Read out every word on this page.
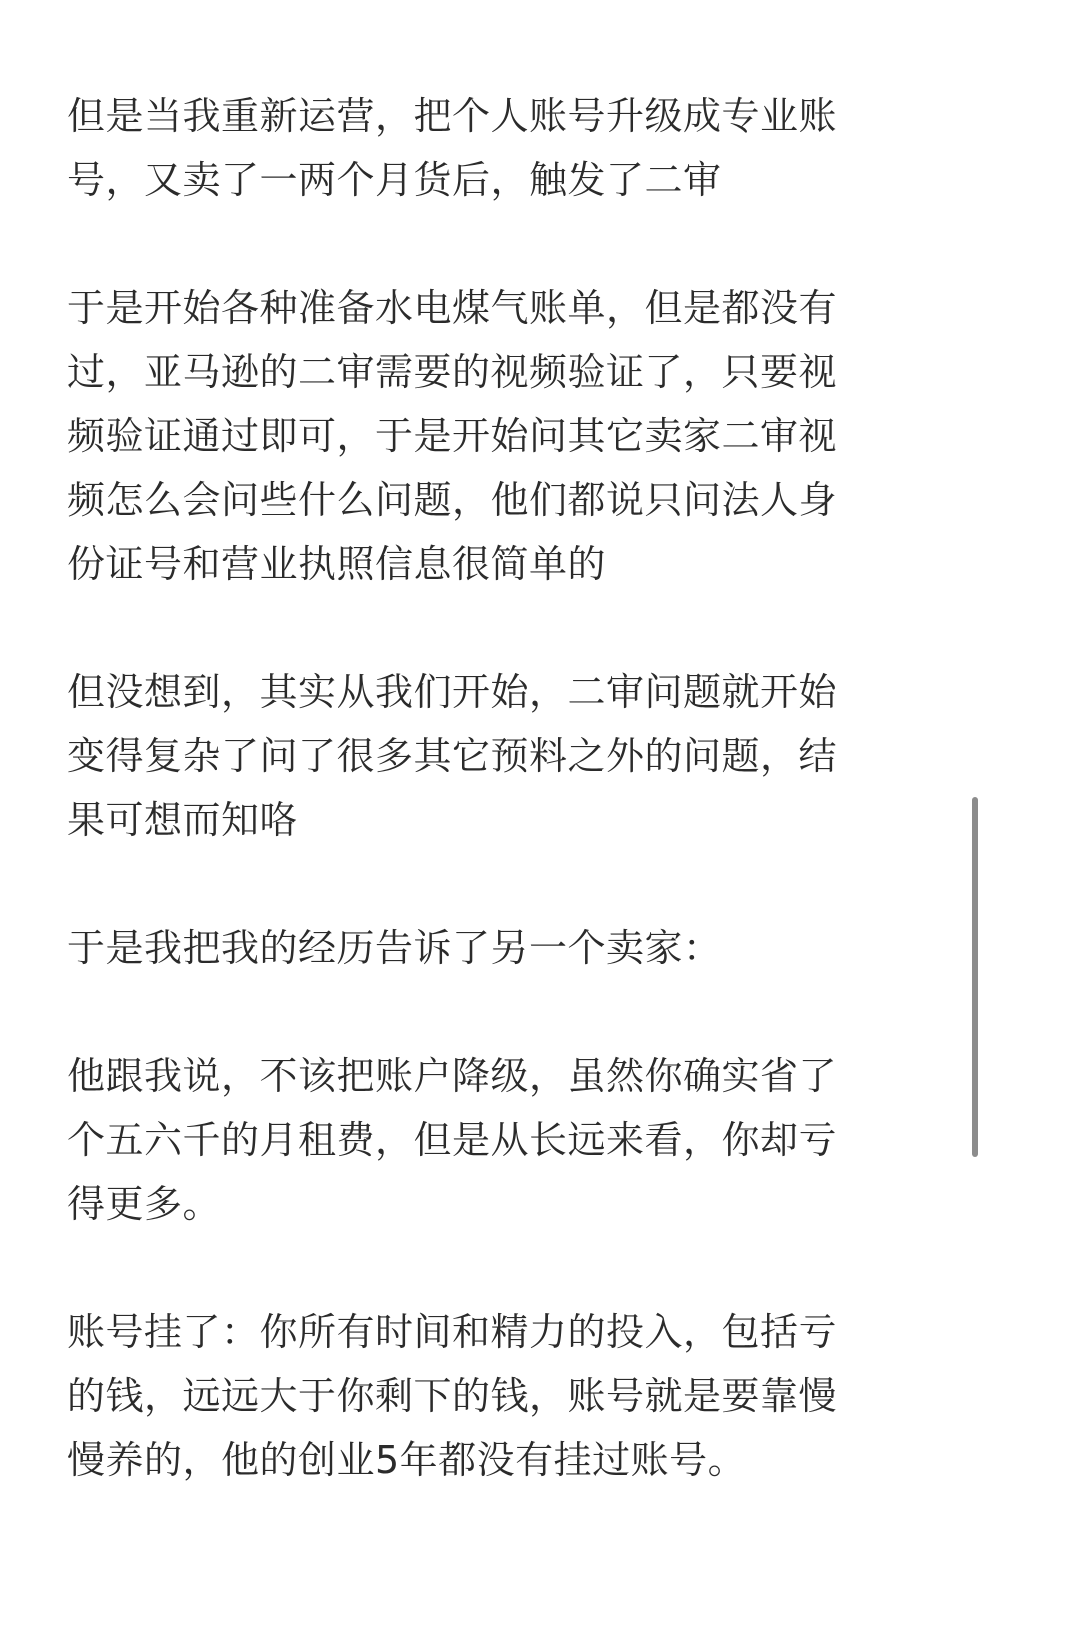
但是当我重新运营，把个人账号升级成专业账
号，又卖了一两个月货后，触发了二审

于是开始各种准备水电煤气账单，但是都没有
过，亚马逊的二审需要的视频验证了，只要视
频验证通过即可，于是开始问其它卖家二审视
频怎么会问些什么问题，他们都说只问法人身
份证号和营业执照信息很简单的

但没想到，其实从我们开始，二审问题就开始
变得复杂了问了很多其它预料之外的问题，结
果可想而知咯

于是我把我的经历告诉了另一个卖家：

他跟我说，不该把账户降级，虽然你确实省了
个五六千的月租费，但是从长远来看，你却亏
得更多。

账号挂了：你所有时间和精力的投入，包括亏
的钱，远远大于你剩下的钱，账号就是要靠慢
慢养的，他的创业5年都没有挂过账号。
